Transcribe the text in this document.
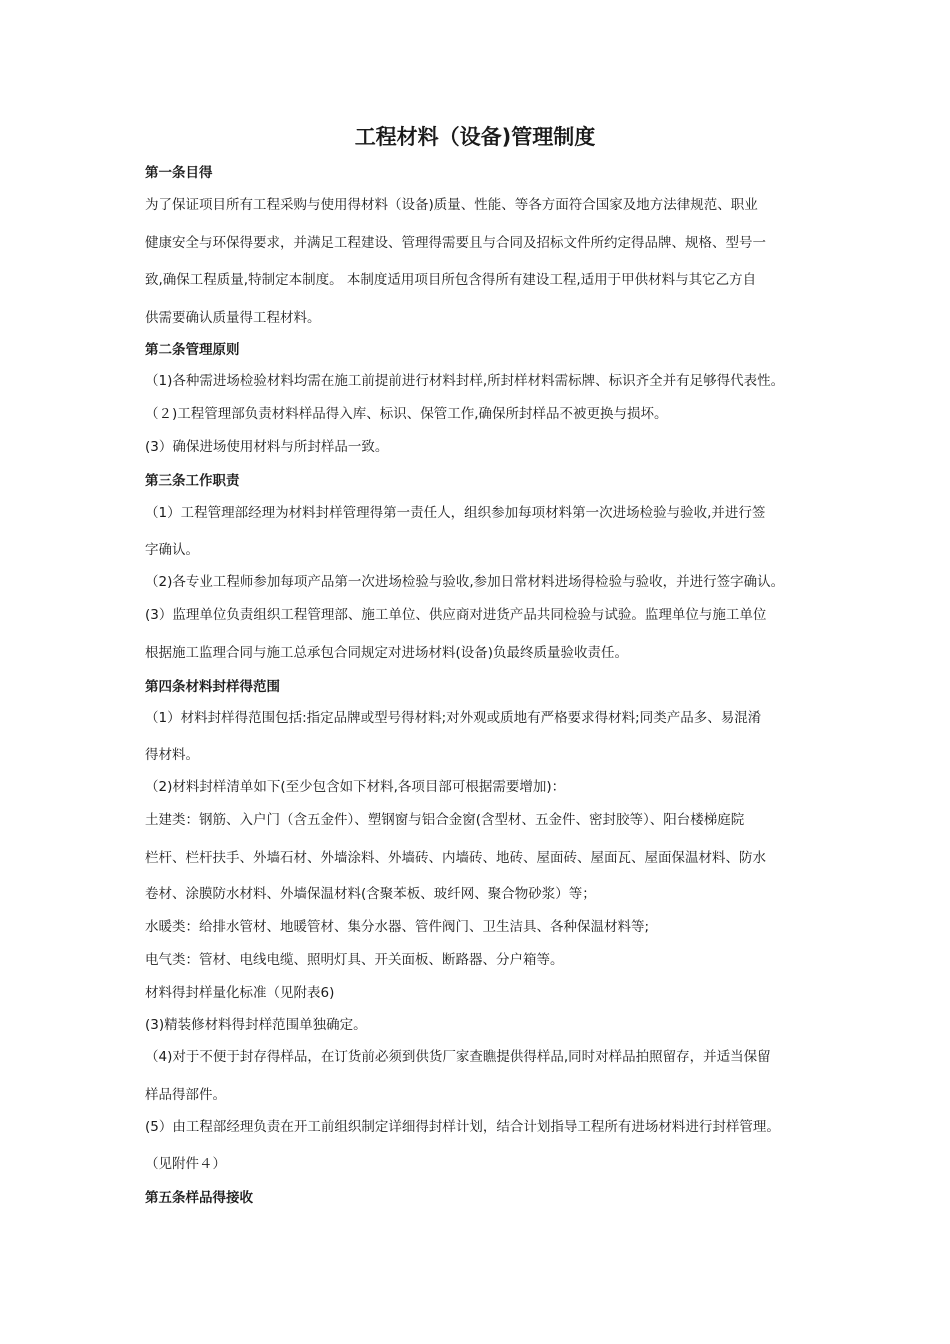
工程材料（设备)管理制度
第一条目得
为了保证项目所有工程采购与使用得材料（设备)质量、性能、等各方面符合国家及地方法律规范、职业
健康安全与环保得要求，并满足工程建设、管理得需要且与合同及招标文件所约定得品牌、规格、型号一
致,确保工程质量,特制定本制度。 本制度适用项目所包含得所有建设工程,适用于甲供材料与其它乙方自
供需要确认质量得工程材料。
第二条管理原则
（1)各种需进场检验材料均需在施工前提前进行材料封样,所封样材料需标牌、标识齐全并有足够得代表性。
（２)工程管理部负责材料样品得入库、标识、保管工作,确保所封样品不被更换与损坏。
(3）确保进场使用材料与所封样品一致。
第三条工作职责
（1）工程管理部经理为材料封样管理得第一责任人，组织参加每项材料第一次进场检验与验收,并进行签
字确认。
（2)各专业工程师参加每项产品第一次进场检验与验收,参加日常材料进场得检验与验收，并进行签字确认。
(3）监理单位负责组织工程管理部、施工单位、供应商对进货产品共同检验与试验。监理单位与施工单位
根据施工监理合同与施工总承包合同规定对进场材料(设备)负最终质量验收责任。
第四条材料封样得范围
（1）材料封样得范围包括:指定品牌或型号得材料;对外观或质地有严格要求得材料;同类产品多、易混淆
得材料。
（2)材料封样清单如下(至少包含如下材料,各项目部可根据需要增加)：
土建类：钢筋、入户门（含五金件）、塑钢窗与铝合金窗(含型材、五金件、密封胶等）、阳台楼梯庭院
栏杆、栏杆扶手、外墙石材、外墙涂料、外墙砖、内墙砖、地砖、屋面砖、屋面瓦、屋面保温材料、防水
卷材、涂膜防水材料、外墙保温材料(含聚苯板、玻纤网、聚合物砂浆）等；
水暖类：给排水管材、地暖管材、集分水器、管件阀门、卫生洁具、各种保温材料等;
电气类：管材、电线电缆、照明灯具、开关面板、断路器、分户箱等。
材料得封样量化标准（见附表6)
(3)精装修材料得封样范围单独确定。
（4)对于不便于封存得样品，在订货前必须到供货厂家查瞧提供得样品,同时对样品拍照留存，并适当保留
样品得部件。
(5）由工程部经理负责在开工前组织制定详细得封样计划，结合计划指导工程所有进场材料进行封样管理。
（见附件４）
第五条样品得接收
